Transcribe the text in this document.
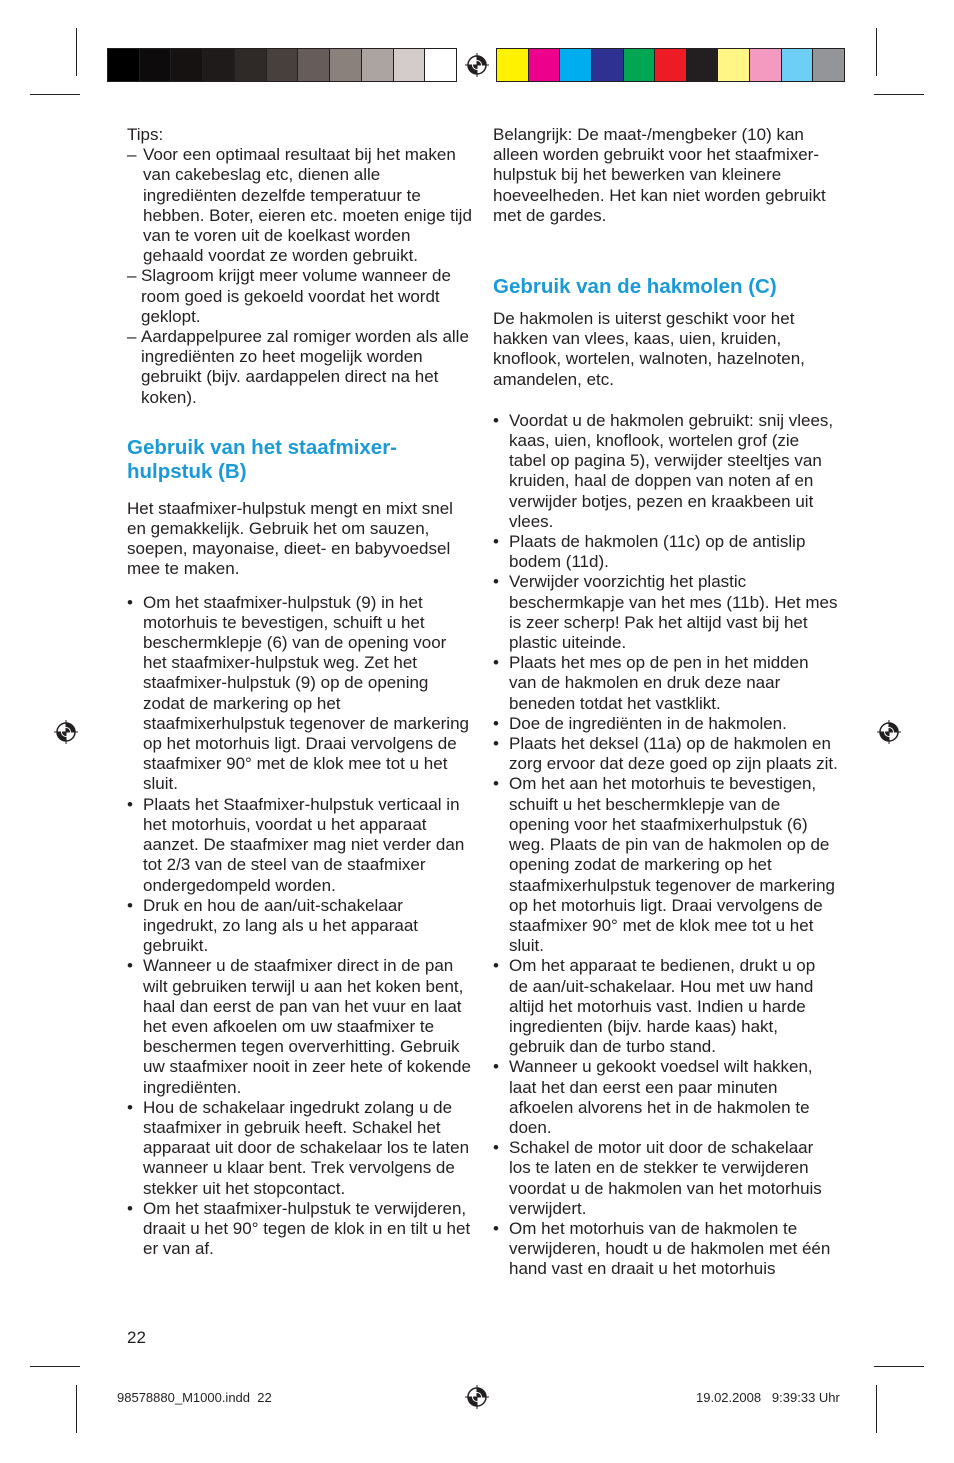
Tips:

– Voor een optimaal resultaat bij het maken van cakebeslag etc, dienen alle ingrediënten dezelfde temperatuur te hebben. Boter, eieren etc. moeten enige tijd van te voren uit de koelkast worden gehaald voordat ze worden gebruikt.
– Slagroom krijgt meer volume wanneer de room goed is gekoeld voordat het wordt geklopt.
– Aardappelpuree zal romiger worden als alle ingrediënten zo heet mogelijk worden gebruikt (bijv. aardappelen direct na het koken).
Gebruik van het staafmixer-hulpstuk (B)

Het staafmixer-hulpstuk mengt en mixt snel en gemakkelijk. Gebruik het om sauzen, soepen, mayonaise, dieet- en babyvoedsel mee te maken.

• Om het staafmixer-hulpstuk (9) in het motorhuis te bevestigen, schuift u het beschermklepje (6) van de opening voor het staafmixer-hulpstuk weg. Zet het staafmixer-hulpstuk (9) op de opening zodat de markering op het staafmixerhulpstuk tegenover de markering op het motorhuis ligt. Draai vervolgens de staafmixer 90° met de klok mee tot u het sluit.
• Plaats het Staafmixer-hulpstuk verticaal in het motorhuis, voordat u het apparaat aanzet. De staafmixer mag niet verder dan tot 2/3 van de steel van de staafmixer ondergedompeld worden.
• Druk en hou de aan/uit-schakelaar ingedrukt, zo lang als u het apparaat gebruikt.
• Wanneer u de staafmixer direct in de pan wilt gebruiken terwijl u aan het koken bent, haal dan eerst de pan van het vuur en laat het even afkoelen om uw staafmixer te beschermen tegen oververhitting. Gebruik uw staafmixer nooit in zeer hete of kokende ingrediënten.
• Hou de schakelaar ingedrukt zolang u de staafmixer in gebruik heeft. Schakel het apparaat uit door de schakelaar los te laten wanneer u klaar bent. Trek vervolgens de stekker uit het stopcontact.
• Om het staafmixer-hulpstuk te verwijderen, draait u het 90° tegen de klok in en tilt u het er van af.

Belangrijk: De maat-/mengbeker (10) kan alleen worden gebruikt voor het staafmixer-hulpstuk bij het bewerken van kleinere hoeveelheden. Het kan niet worden gebruikt met de gardes.

Gebruik van de hakmolen (C)

De hakmolen is uiterst geschikt voor het hakken van vlees, kaas, uien, kruiden, knoflook, wortelen, walnoten, hazelnoten, amandelen, etc.

• Voordat u de hakmolen gebruikt: snij vlees, kaas, uien, knoflook, wortelen grof (zie tabel op pagina 5), verwijder steeltjes van kruiden, haal de doppen van noten af en verwijder botjes, pezen en kraakbeen uit vlees.
• Plaats de hakmolen (11c) op de antislip bodem (11d).
• Verwijder voorzichtig het plastic beschermkapje van het mes (11b). Het mes is zeer scherp! Pak het altijd vast bij het plastic uiteinde.
• Plaats het mes op de pen in het midden van de hakmolen en druk deze naar beneden totdat het vastklikt.
• Doe de ingrediënten in de hakmolen.
• Plaats het deksel (11a) op de hakmolen en zorg ervoor dat deze goed op zijn plaats zit.
• Om het aan het motorhuis te bevestigen, schuift u het beschermklepje van de opening voor het staafmixerhulpstuk (6) weg. Plaats de pin van de hakmolen op de opening zodat de markering op het staafmixerhulpstuk tegenover de markering op het motorhuis ligt. Draai vervolgens de staafmixer 90° met de klok mee tot u het sluit.
• Om het apparaat te bedienen, drukt u op de aan/uit-schakelaar. Hou met uw hand altijd het motorhuis vast. Indien u harde ingredienten (bijv. harde kaas) hakt, gebruik dan de turbo stand.
• Wanneer u gekookt voedsel wilt hakken, laat het dan eerst een paar minuten afkoelen alvorens het in de hakmolen te doen.
• Schakel de motor uit door de schakelaar los te laten en de stekker te verwijderen voordat u de hakmolen van het motorhuis verwijdert.
• Om het motorhuis van de hakmolen te verwijderen, houdt u de hakmolen met één hand vast en draait u het motorhuis
22
98578880_M1000.indd 22	19.02.2008 9:39:33 Uhr
